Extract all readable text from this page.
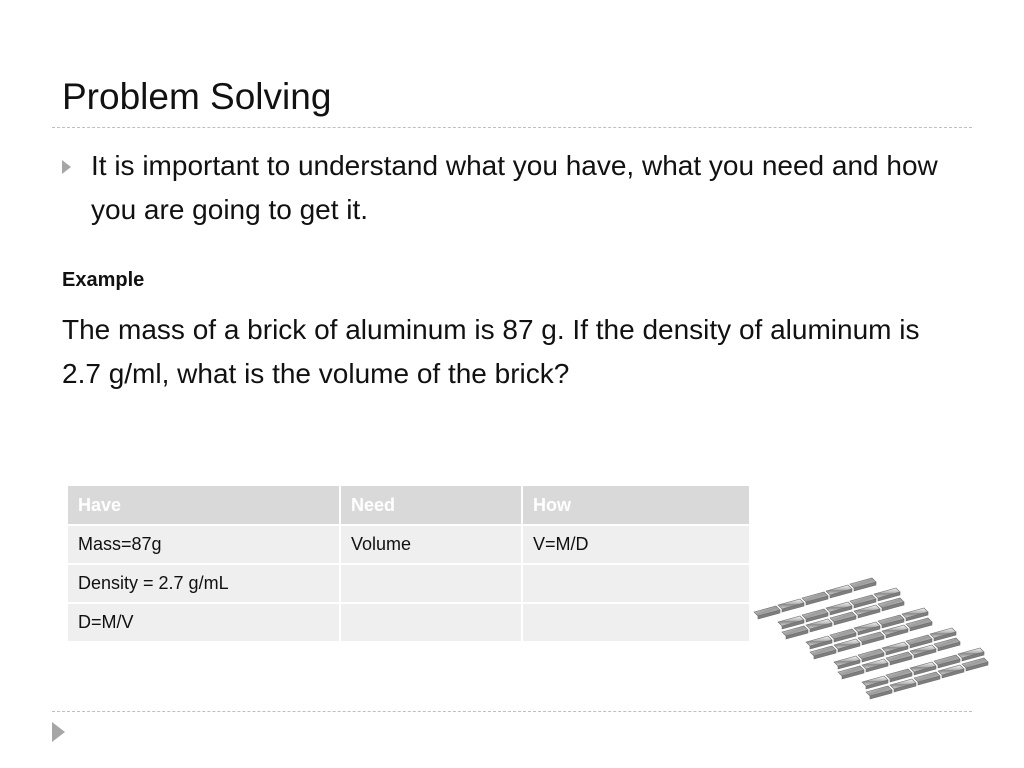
Problem Solving
It is important to understand what you have, what you need and how you are going to get it.
Example
The mass of a brick of aluminum is 87 g. If the density of aluminum is 2.7 g/ml, what is the volume of the brick?
Have	Need	How
Mass=87g	Volume	V=M/D
Density = 2.7 g/mL		
D=M/V		
